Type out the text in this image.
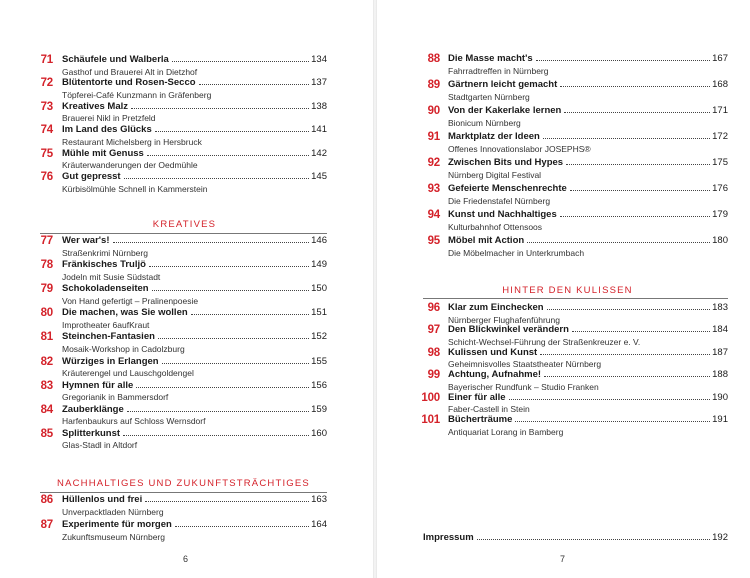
KREATIVES
NACHHALTIGES UND ZUKUNFTSTRÄCHTIGES
HINTER DEN KULISSEN
Impressum	192
6	7
71 Schäufele und Walberla	134
Gasthof und Brauerei Alt in Dietzhof
72 Blütentorte und Rosen-Secco	137
Töpferei-Café Kunzmann in Gräfenberg
73 Kreatives Malz	138
Brauerei Nikl in Pretzfeld
74 Im Land des Glücks	141
Restaurant Michelsberg in Hersbruck
75 Mühle mit Genuss	142
Kräuterwanderungen der Oedmühle
76 Gut gepresst	145
Kürbisölmühle Schnell in Kammerstein
77 Wer war's!	146
Straßenkrimi Nürnberg
78 Fränkisches Truljö	149
Jodeln mit Susie Südstadt
79 Schokoladenseiten	150
Von Hand gefertigt – Pralinenpoesie
80 Die machen, was Sie wollen	151
Improtheater 6aufKraut
81 Steinchen-Fantasien	152
Mosaik-Workshop in Cadolzburg
82 Würziges in Erlangen	155
Kräuterengel und Lauschgoldengel
83 Hymnen für alle	156
Gregorianik in Bammersdorf
84 Zauberklänge	159
Harfenbaukurs auf Schloss Wernsdorf
85 Splitterkunst	160
Glas-Stadl in Altdorf
86 Hüllenlos und frei	163
Unverpacktladen Nürnberg
87 Experimente für morgen	164
Zukunftsmuseum Nürnberg
88 Die Masse macht's	167
Fahrradtreffen in Nürnberg
89 Gärtnern leicht gemacht	168
Stadtgarten Nürnberg
90 Von der Kakerlake lernen	171
Bionicum Nürnberg
91 Marktplatz der Ideen	172
Offenes Innovationslabor JOSEPHS®
92 Zwischen Bits und Hypes	175
Nürnberg Digital Festival
93 Gefeierte Menschenrechte	176
Die Friedenstafel Nürnberg
94 Kunst und Nachhaltiges	179
Kulturbahnhof Ottensoos
95 Möbel mit Action	180
Die Möbelmacher in Unterkrumbach
96 Klar zum Einchecken	183
Nürnberger Flughafenführung
97 Den Blickwinkel verändern	184
Schicht-Wechsel-Führung der Straßenkreuzer e. V.
98 Kulissen und Kunst	187
Geheimnisvolles Staatstheater Nürnberg
99 Achtung, Aufnahme!	188
Bayerischer Rundfunk – Studio Franken
100 Einer für alle	190
Faber-Castell in Stein
101 Bücherträume	191
Antiquariat Lorang in Bamberg
